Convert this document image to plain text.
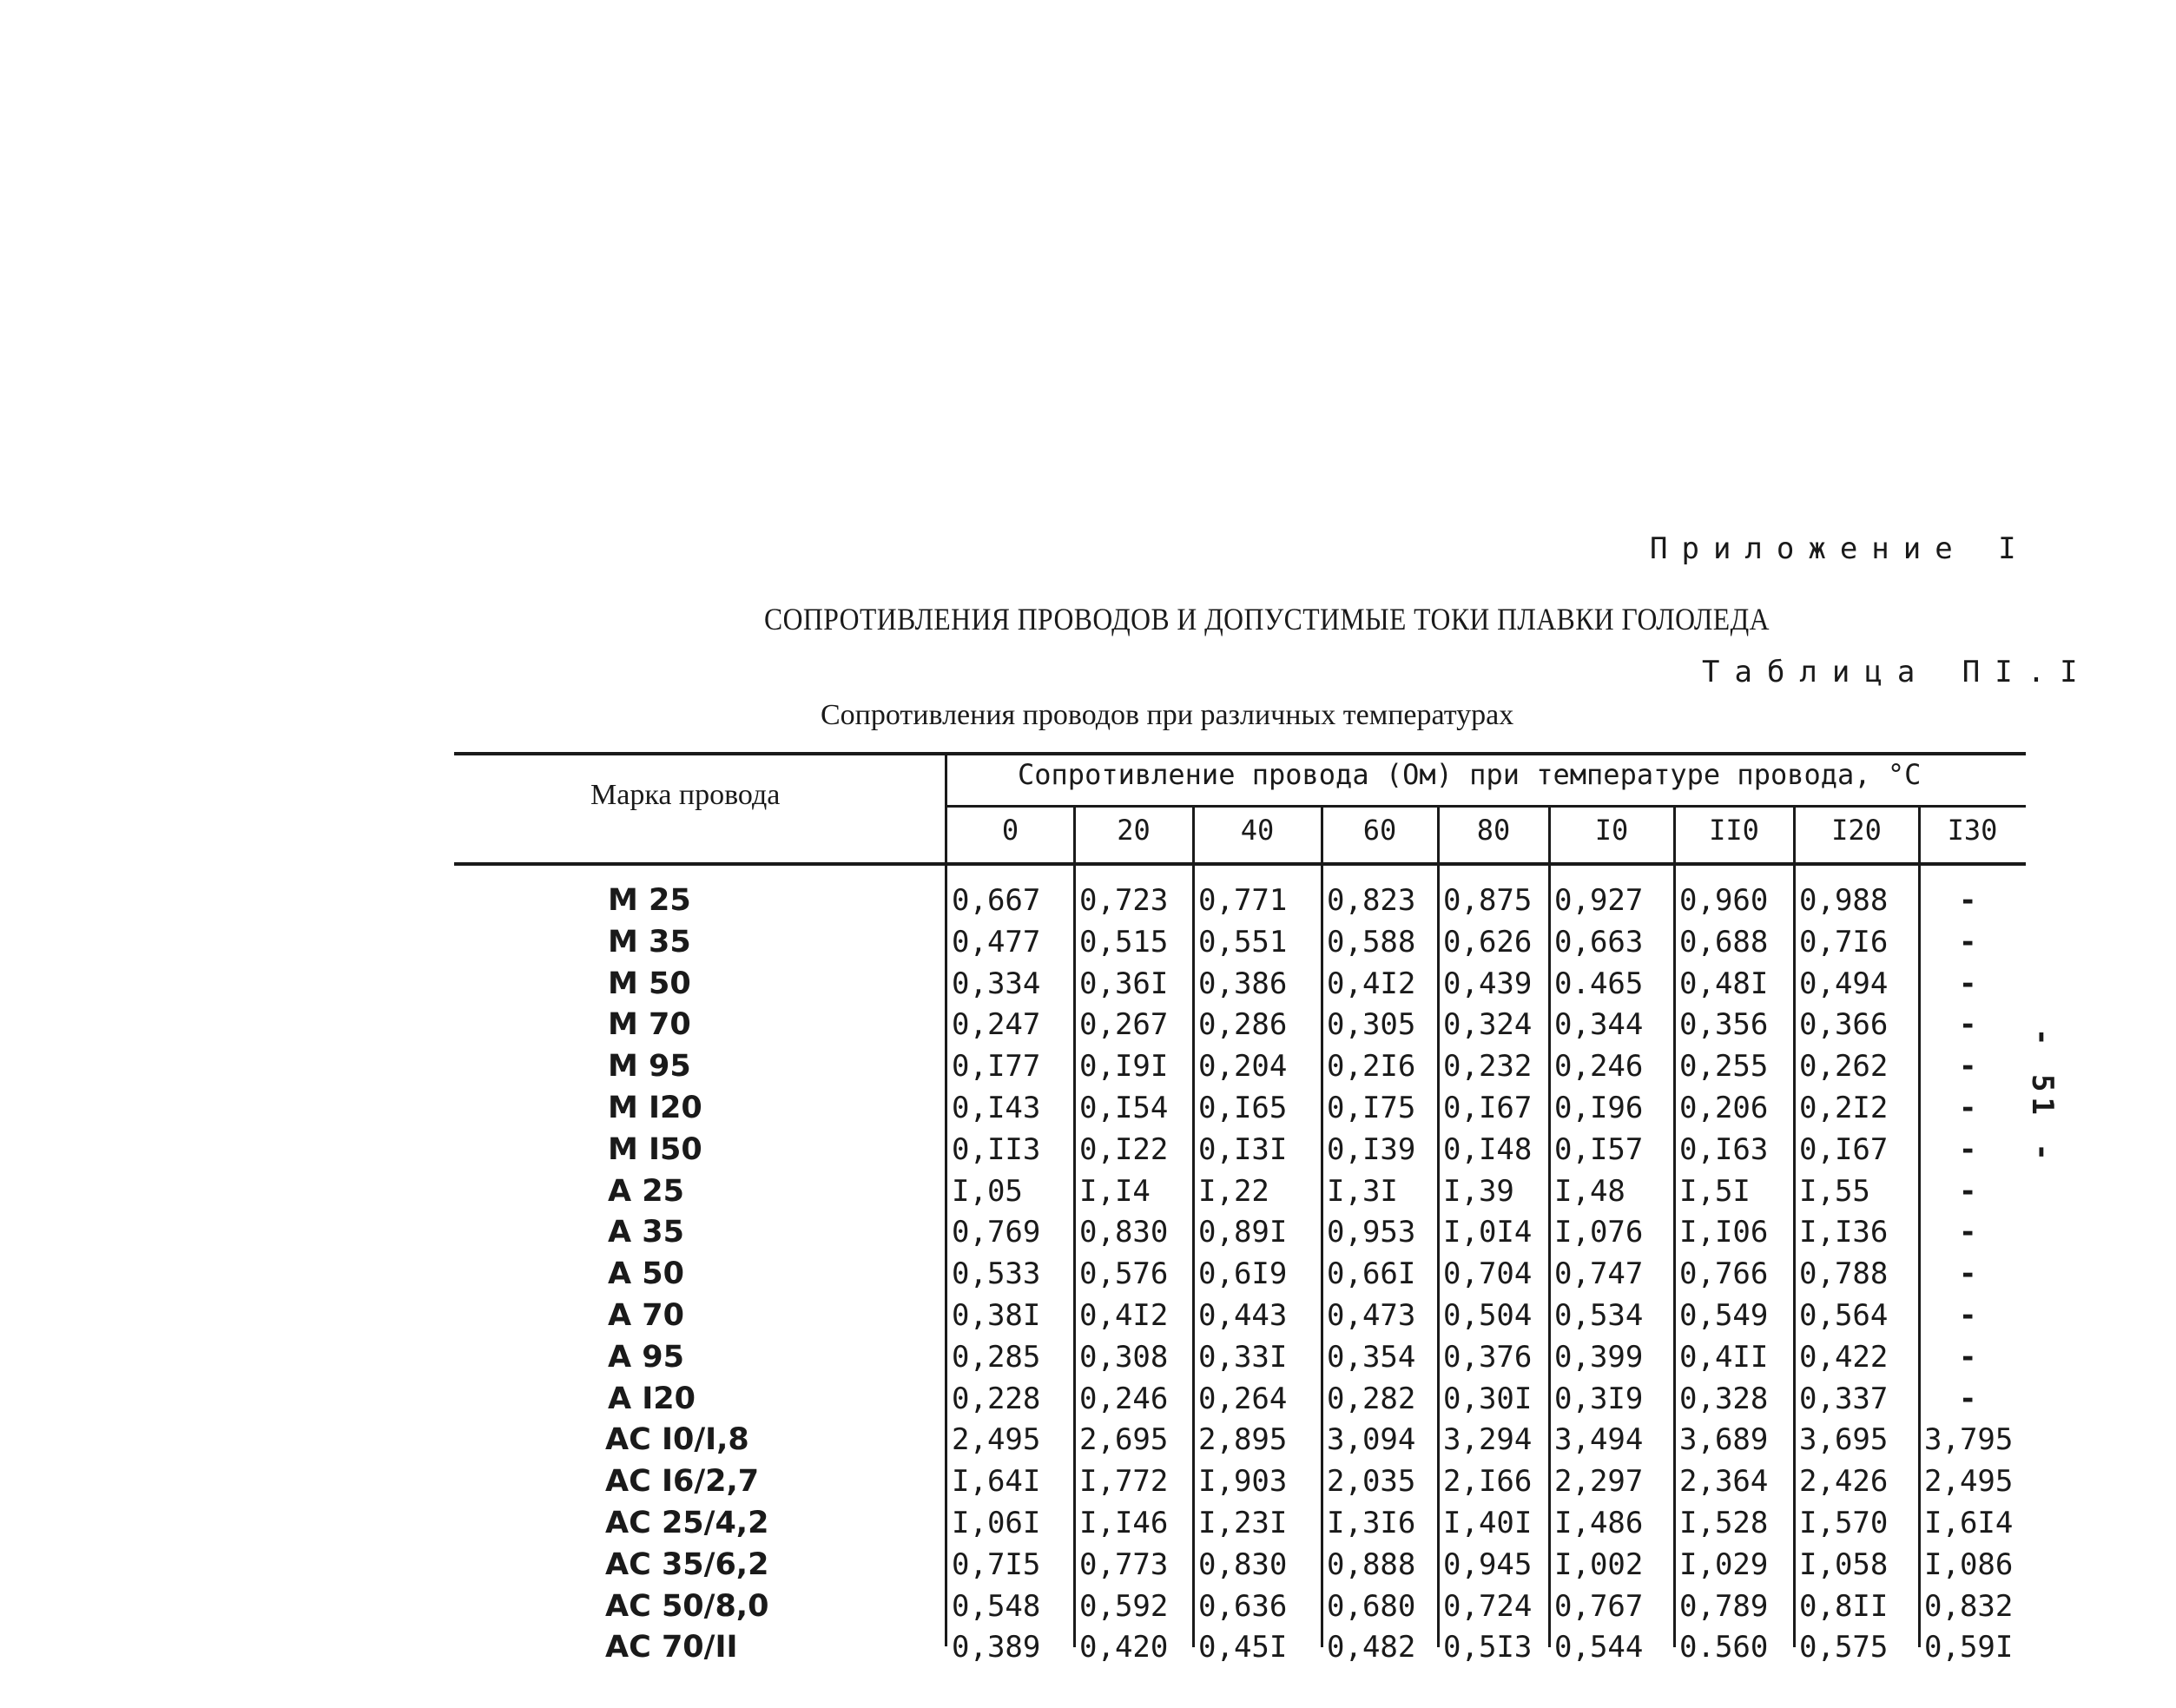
Приложение I
СОПРОТИВЛЕНИЯ ПРОВОДОВ И ДОПУСТИМЫЕ ТОКИ ПЛАВКИ ГОЛОЛЕДА
Таблица ПI.I
Сопротивления проводов при различных температурах
- 51 -
Марка провода
Сопротивление провода (Ом) при температуре провода, °С
0	20	40	60	80	I0	II0	I20	I30
М 25	0,667 0,723 0,771 0,823 0,875 0,927 0,960 0,988 -
М 35	0,477 0,515 0,551 0,588 0,626 0,663 0,688 0,7I6 -
М 50	0,334 0,36I 0,386 0,4I2 0,439 0.465 0,48I 0,494 -
М 70	0,247 0,267 0,286 0,305 0,324 0,344 0,356 0,366 -
М 95	0,I77 0,I9I 0,204 0,2I6 0,232 0,246 0,255 0,262 -
М I20	0,I43 0,I54 0,I65 0,I75 0,I67 0,I96 0,206 0,2I2 -
М I50	0,II3 0,I22 0,I3I 0,I39 0,I48 0,I57 0,I63 0,I67 -
А 25	I,05 I,I4 I,22 I,3I I,39 I,48 I,5I I,55	-
А 35	0,769 0,830 0,89I 0,953 I,0I4 I,076 I,I06 I,I36 -
А 50	0,533 0,576 0,6I9 0,66I 0,704 0,747 0,766 0,788 -
А 70	0,38I 0,4I2 0,443 0,473 0,504 0,534 0,549 0,564 -
А 95	0,285 0,308 0,33I 0,354 0,376 0,399 0,4II 0,422 -
А I20	0,228 0,246 0,264 0,282 0,30I 0,3I9 0,328 0,337 -
АС I0/I,8	2,495 2,695 2,895 3,094 3,294 3,494 3,689 3,695 3,795
АС I6/2,7	I,64I I,772 I,903 2,035 2,I66 2,297 2,364 2,426 2,495
АС 25/4,2	I,06I I,I46 I,23I I,3I6 I,40I I,486 I,528 I,570 I,6I4
АС 35/6,2	0,7I5 0,773 0,830 0,888 0,945 I,002 I,029 I,058 I,086
АС 50/8,0	0,548 0,592 0,636 0,680 0,724 0,767 0,789 0,8II 0,832
АС 70/II	0,389 0,420 0,45I 0,482 0,5I3 0,544 0.560 0,575 0,59I
